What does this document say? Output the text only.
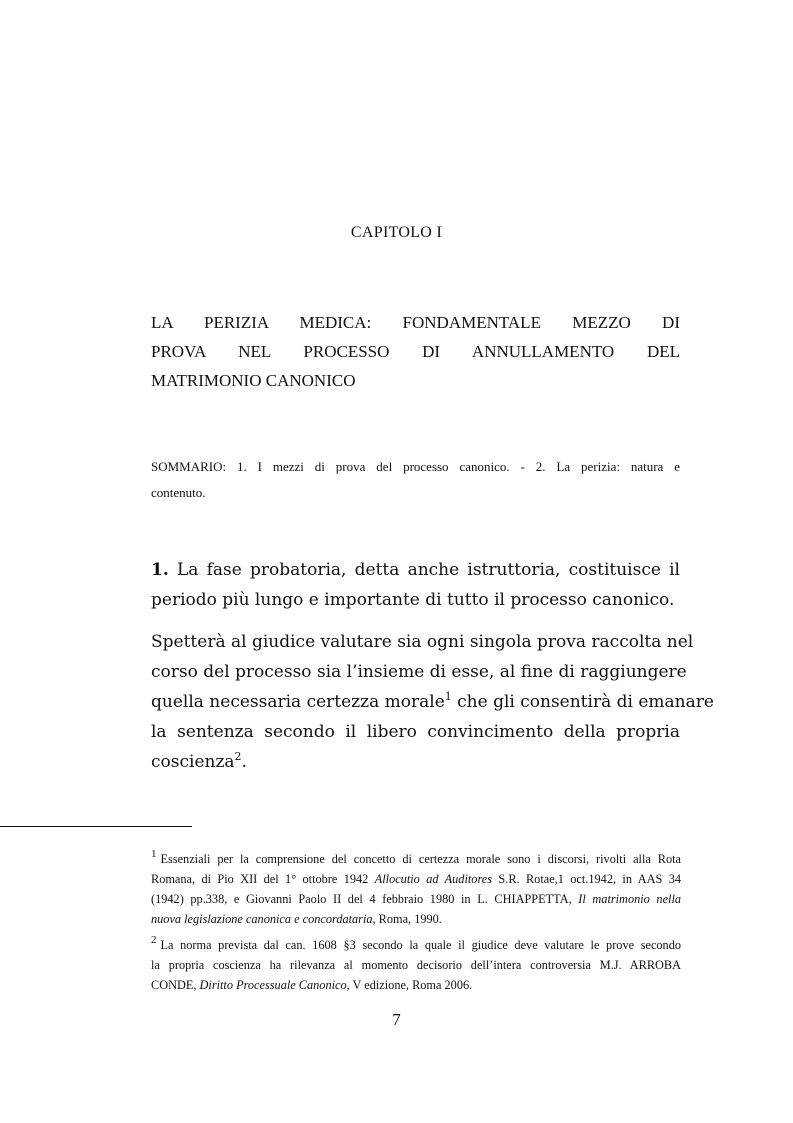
CAPITOLO I
LA PERIZIA MEDICA: FONDAMENTALE MEZZO DI
PROVA NEL PROCESSO DI ANNULLAMENTO DEL
MATRIMONIO CANONICO
SOMMARIO: 1. I mezzi di prova del processo canonico. - 2. La perizia: natura e
contenuto.
1. La fase probatoria, detta anche istruttoria, costituisce il
periodo più lungo e importante di tutto il processo canonico.
Spetterà al giudice valutare sia ogni singola prova raccolta nel
corso del processo sia l’insieme di esse, al fine di raggiungere
quella necessaria certezza morale$^1$ che gli consentirà di emanare
la sentenza secondo il libero convincimento della propria
coscienza$^2$.
1 Essenziali per la comprensione del concetto di certezza morale sono i discorsi, rivolti alla Rota
Romana, di Pio XII del 1° ottobre 1942 Allocutio ad Auditores S.R. Rotae,1 oct.1942, in AAS 34
(1942) pp.338, e Giovanni Paolo II del 4 febbraio 1980 in L. CHIAPPETTA, Il matrimonio nella
nuova legislazione canonica e concordataria, Roma, 1990.
2 La norma prevista dal can. 1608 §3 secondo la quale il giudice deve valutare le prove secondo
la propria coscienza ha rilevanza al momento decisorio dell’intera controversia M.J. ARROBA
CONDE, Diritto Processuale Canonico, V edizione, Roma 2006.
7
